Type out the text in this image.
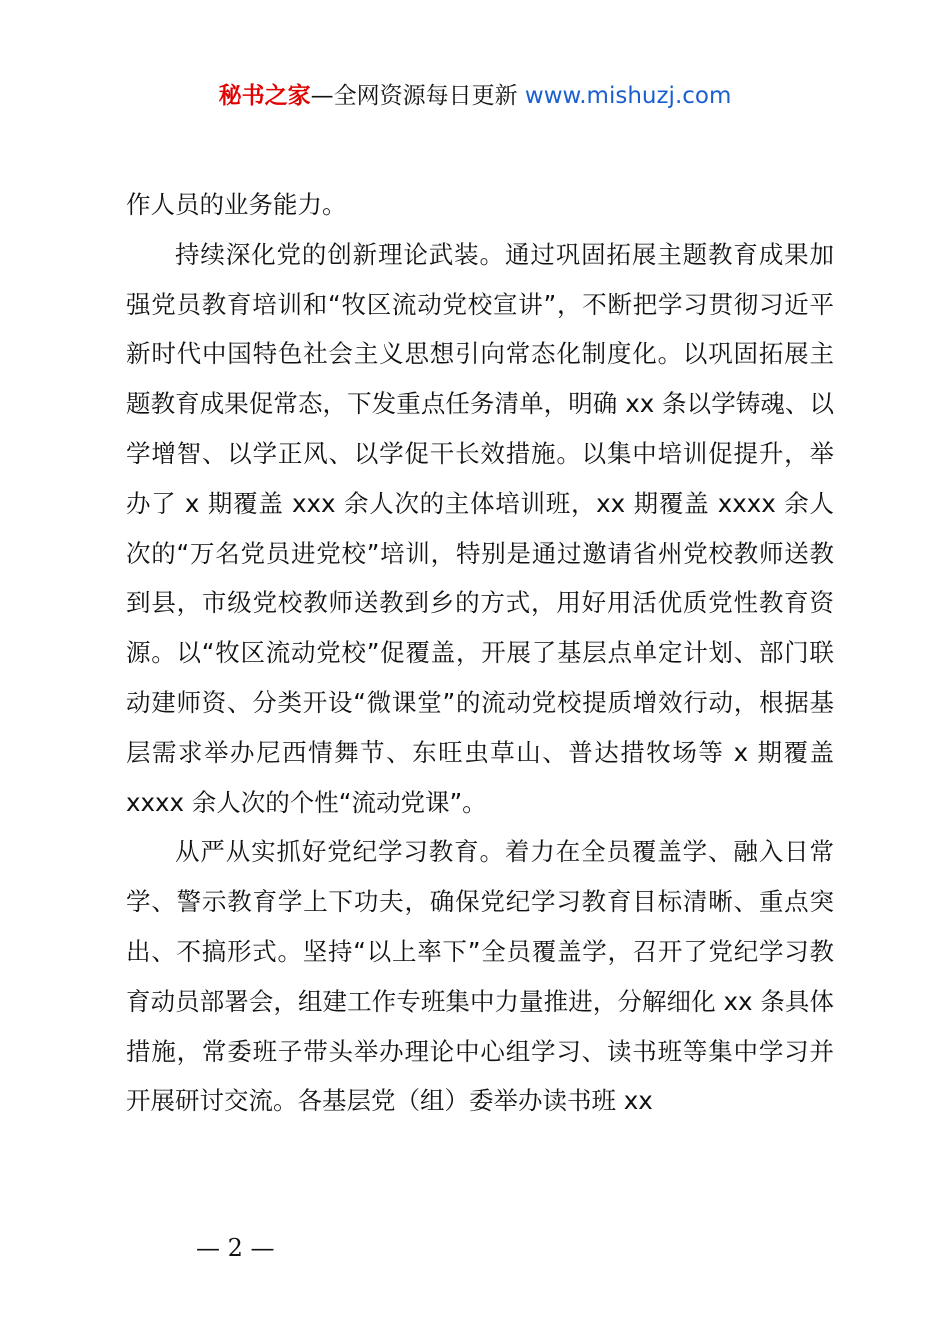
秘书之家—全网资源每日更新 www.mishuzj.com

作人员的业务能力。

持续深化党的创新理论武装。通过巩固拓展主题教育成果加强党员教育培训和“牧区流动党校宣讲”，不断把学习贯彻习近平新时代中国特色社会主义思想引向常态化制度化。以巩固拓展主题教育成果促常态，下发重点任务清单，明确 xx 条以学铸魂、以学增智、以学正风、以学促干长效措施。以集中培训促提升，举办了 x 期覆盖 xxx 余人次的主体培训班，xx 期覆盖 xxxx 余人次的“万名党员进党校”培训，特别是通过邀请省州党校教师送教到县，市级党校教师送教到乡的方式，用好用活优质党性教育资源。以“牧区流动党校”促覆盖，开展了基层点单定计划、部门联动建师资、分类开设“微课堂”的流动党校提质增效行动，根据基层需求举办尼西情舞节、东旺虫草山、普达措牧场等 x 期覆盖 xxxx 余人次的个性“流动党课”。

从严从实抓好党纪学习教育。着力在全员覆盖学、融入日常学、警示教育学上下功夫，确保党纪学习教育目标清晰、重点突出、不搞形式。坚持“以上率下”全员覆盖学，召开了党纪学习教育动员部署会，组建工作专班集中力量推进，分解细化 xx 条具体措施，常委班子带头举办理论中心组学习、读书班等集中学习并开展研讨交流。各基层党（组）委举办读书班 xx

— 2 —
